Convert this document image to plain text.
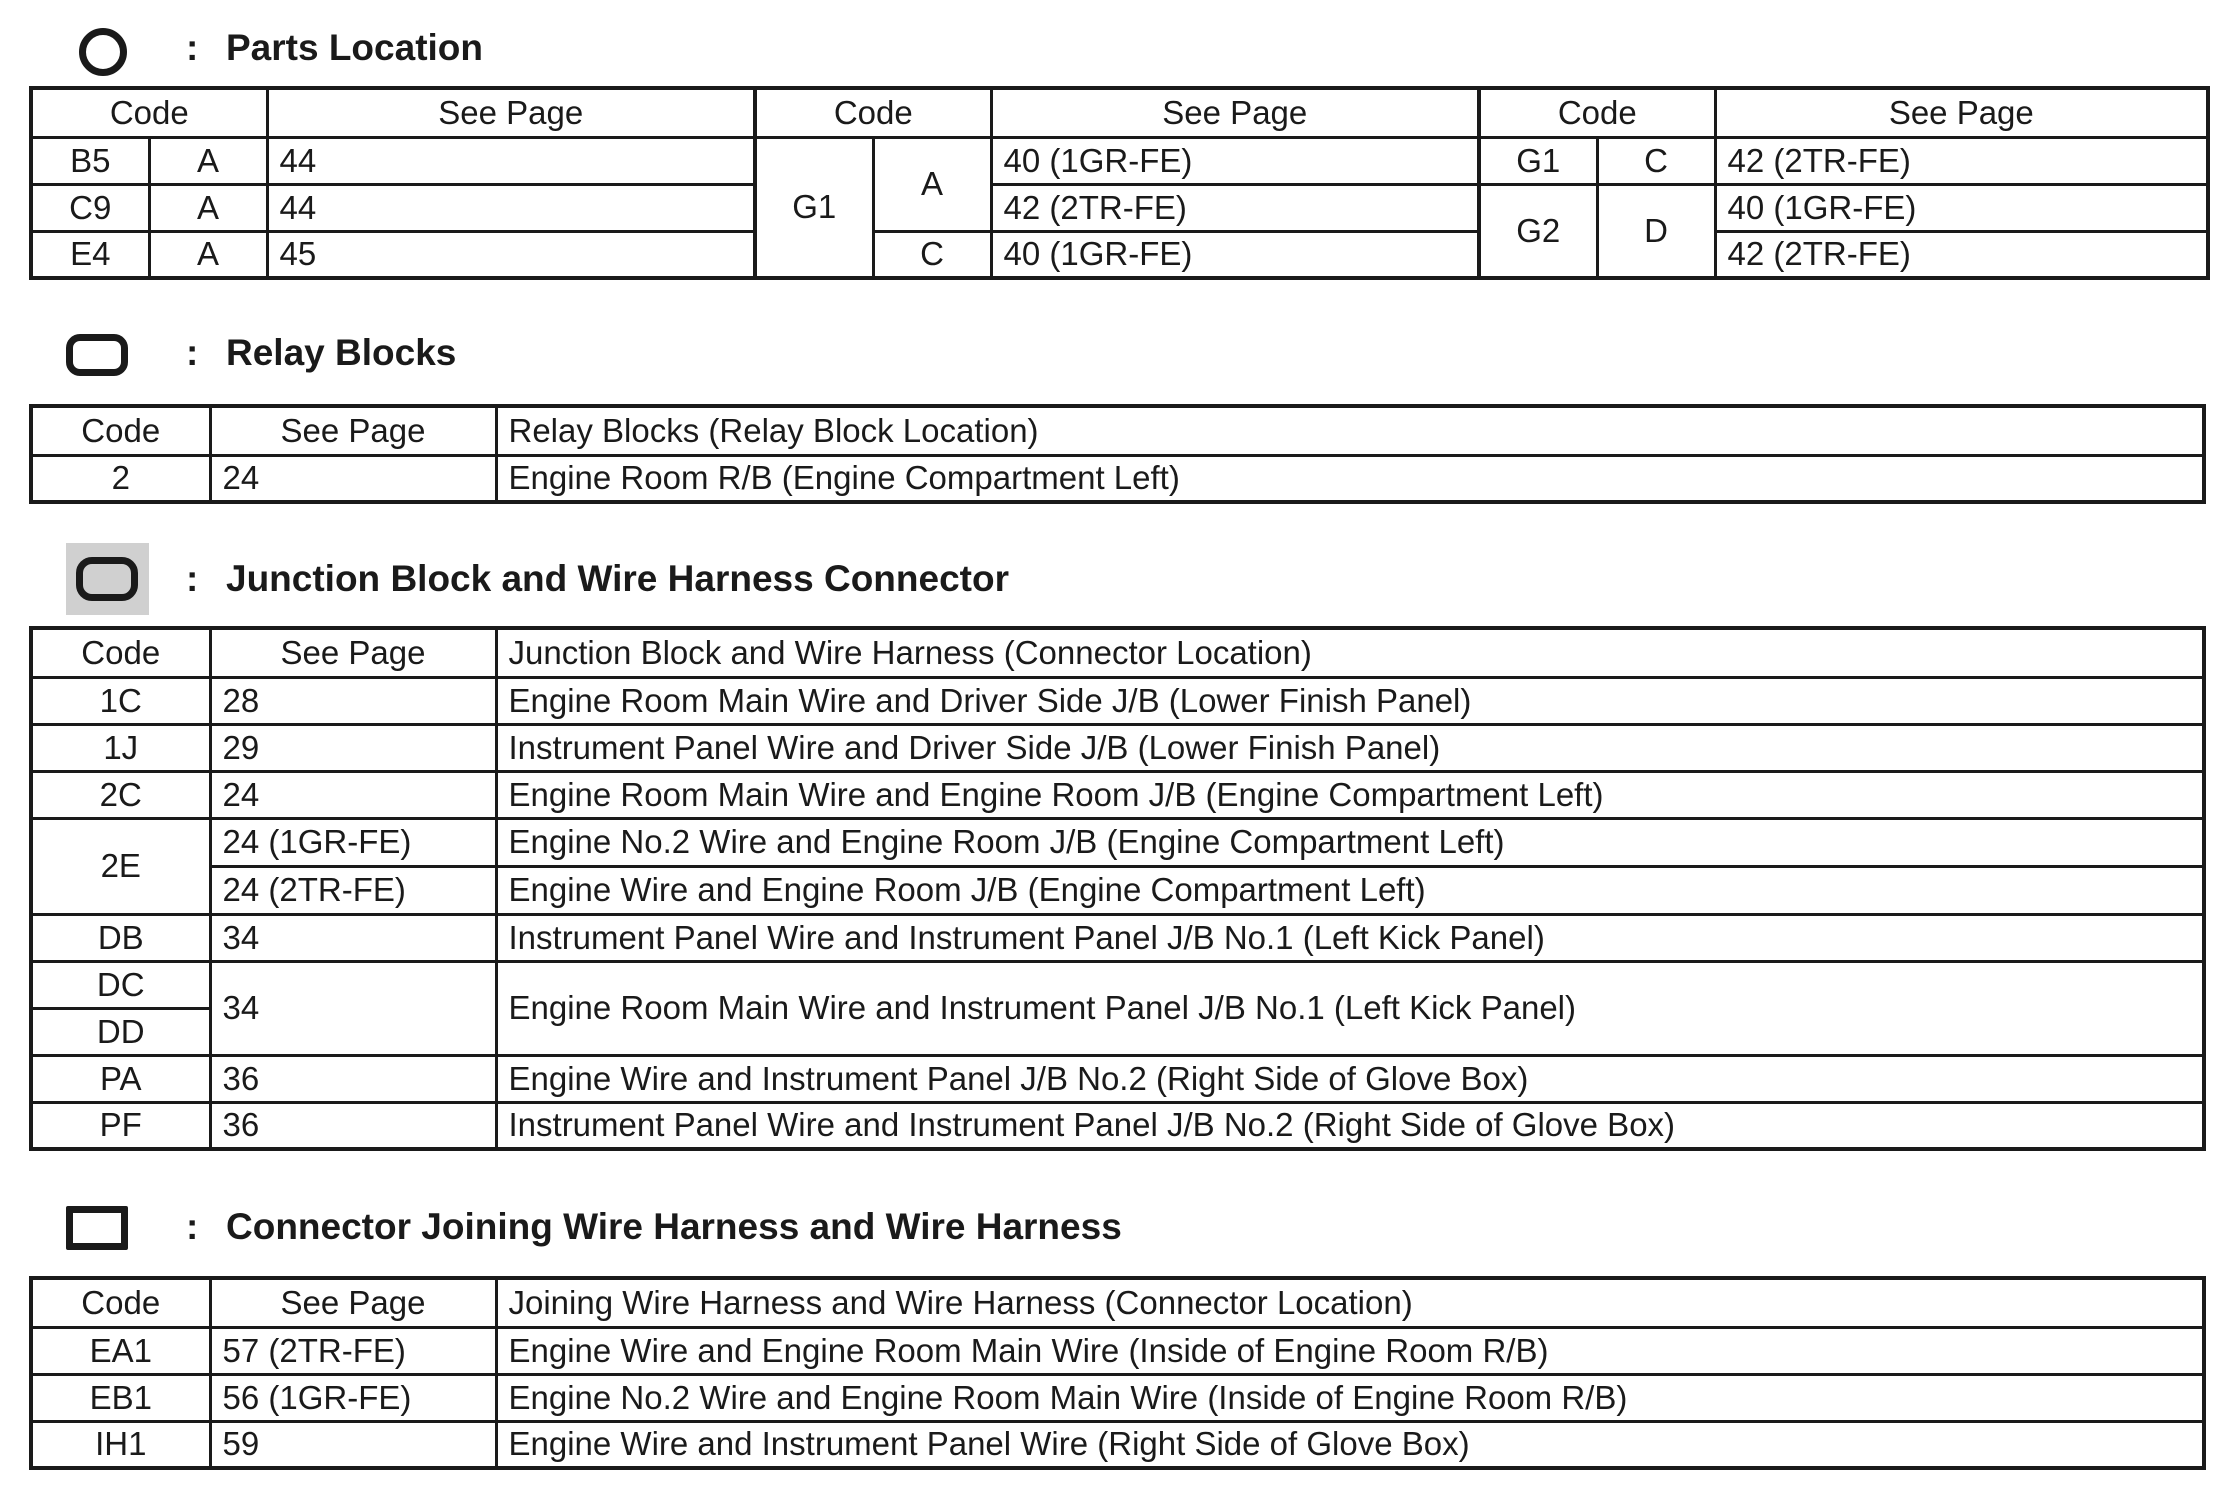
: Parts Location
Code		See Page	Code		See Page	Code		See Page
B5	A	44	G1	A	40 (1GR-FE)	G1	C	42 (2TR-FE)
C9	A	44			42 (2TR-FE)	G2	D	40 (1GR-FE)
E4	A	45		C	40 (1GR-FE)			42 (2TR-FE)
: Relay Blocks
Code	See Page	Relay Blocks (Relay Block Location)
2	24	Engine Room R/B (Engine Compartment Left)
: Junction Block and Wire Harness Connector
Code	See Page	Junction Block and Wire Harness (Connector Location)
1C	28	Engine Room Main Wire and Driver Side J/B (Lower Finish Panel)
1J	29	Instrument Panel Wire and Driver Side J/B (Lower Finish Panel)
2C	24	Engine Room Main Wire and Engine Room J/B (Engine Compartment Left)
2E	24 (1GR-FE)	Engine No.2 Wire and Engine Room J/B (Engine Compartment Left)
	24 (2TR-FE)	Engine Wire and Engine Room J/B (Engine Compartment Left)
DB	34	Instrument Panel Wire and Instrument Panel J/B No.1 (Left Kick Panel)
DC	34	Engine Room Main Wire and Instrument Panel J/B No.1 (Left Kick Panel)
DD		
PA	36	Engine Wire and Instrument Panel J/B No.2 (Right Side of Glove Box)
PF	36	Instrument Panel Wire and Instrument Panel J/B No.2 (Right Side of Glove Box)
: Connector Joining Wire Harness and Wire Harness
Code	See Page	Joining Wire Harness and Wire Harness (Connector Location)
EA1	57 (2TR-FE)	Engine Wire and Engine Room Main Wire (Inside of Engine Room R/B)
EB1	56 (1GR-FE)	Engine No.2 Wire and Engine Room Main Wire (Inside of Engine Room R/B)
IH1	59	Engine Wire and Instrument Panel Wire (Right Side of Glove Box)
